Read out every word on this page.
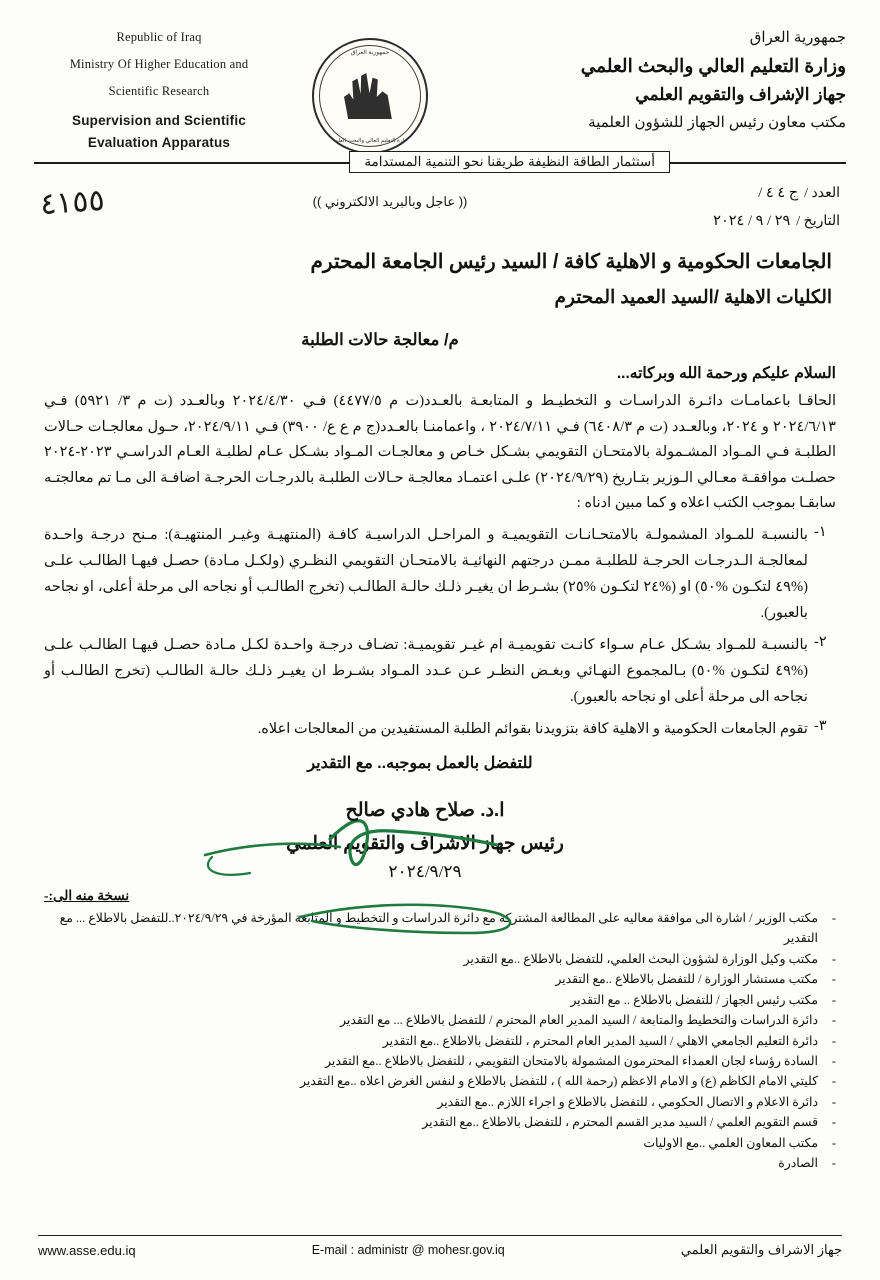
Republic of Iraq
Ministry Of Higher Education and
Scientific Research
Supervision and Scientific
Evaluation Apparatus
جمهورية العراق
وزارة التعليم العالي والبحث العلمي
جمهورية العراق
وزارة التعليم العالي والبحث العلمي
جهاز الإشراف والتقويم العلمي
مكتب معاون رئيس الجهاز للشؤون العلمية
أستثمار الطاقة النظيفة طريقنا نحو التنمية المستدامة
العدد /
ج ٤ ٤ /
التاريخ /
٢٩ / ٩ / ٢٠٢٤
(( عاجل وبالبريد الالكتروني ))
٤١٥٥
الجامعات الحكومية و الاهلية كافة / السيد رئيس الجامعة المحترم
الكليات الاهلية /السيد العميد المحترم
م/ معالجة حالات الطلبة
السلام عليكم ورحمة الله وبركاته...
الحاقـا باعمامـات دائـرة الدراسـات و التخطيـط و المتابعـة بالعـدد(ت م ٤٤٧٧/٥) فـي ٢٠٢٤/٤/٣٠ وبالعـدد (ت م ٣/ ٥٩٢١) فـي ٢٠٢٤/٦/١٣ و ٢٠٢٤، وبالعـدد (ت م ٦٤٠٨/٣) فـي ٢٠٢٤/٧/١١ ، واعمامنـا بالعـدد(ج م ع ع/ ٣٩٠٠) فـي ٢٠٢٤/٩/١١، حـول معالجـات حـالات الطلبـة فـي المـواد المشـمولة بالامتحـان التقويمي بشـكل خـاص و معالجـات المـواد بشـكل عـام لطلبـة العـام الدراسـي ٢٠٢٣-٢٠٢٤ حصلـت موافقـة معـالي الـوزير بتـاريخ (٢٠٢٤/٩/٢٩) علـى اعتمـاد معالجـة حـالات الطلبـة بالدرجـات الحرجـة اضافـة الى مـا تم معالجتـه سابقـا بموجب الكتب اعلاه و كما مبين ادناه :
١-
بالنسبـة للمـواد المشمولـة بالامتحـانـات التقويميـة و المراحـل الدراسيـة كافـة (المنتهيـة وغيـر المنتهيـة): مـنح درجـة واحـدة لمعالجـة الـدرجـات الحرجـة للطلبـة ممـن درجتهم النهائيـة بالامتحـان التقويمي النظـري (ولكـل مـادة) حصـل فيهـا الطالـب علـى (%٤٩ لتكـون %٥٠) او (%٢٤ لتكـون %٢٥) بشـرط ان يغيـر ذلـك حالـة الطالـب (تخرج الطالـب أو نجاحه الى مرحلة أعلى، او نجاحه بالعبور).
٢-
بالنسبـة للمـواد بشـكل عـام سـواء كانـت تقويميـة ام غيـر تقويميـة: تضـاف درجـة واحـدة لكـل مـادة حصـل فيهـا الطالـب علـى (%٤٩ لتكـون %٥٠) بـالمجموع النهـائي وبغـض النظـر عـن عـدد المـواد بشـرط ان يغيـر ذلـك حالـة الطالـب (تخرج الطالـب أو نجاحه الى مرحلة أعلى او نجاحه بالعبور).
٣-
تقوم الجامعات الحكومية و الاهلية كافة بتزويدنا بقوائم الطلبة المستفيدين من المعالجات اعلاه.
للتفضل بالعمل بموجبه.. مع التقدير
ا.د. صلاح هادي صالح
رئيس جهاز الاشراف والتقويم العلمي
٢٠٢٤/٩/٢٩
نسخة منه الى:-
-
مكتب الوزير / اشارة الى موافقة معاليه على المطالعة المشتركة مع دائرة الدراسات و التخطيط و المتابعة المؤرخة في ٢٠٢٤/٩/٢٩..للتفضل بالاطلاع ... مع التقدير
-
مكتب وكيل الوزارة لشؤون البحث العلمي، للتفضل بالاطلاع ..مع التقدير
-
مكتب مستشار الوزارة / للتفضل بالاطلاع ..مع التقدير
-
مكتب رئيس الجهاز / للتفضل بالاطلاع .. مع التقدير
-
دائرة الدراسات والتخطيط والمتابعة / السيد المدير العام المحترم / للتفضل بالاطلاع ... مع التقدير
-
دائرة التعليم الجامعي الاهلي / السيد المدير العام المحترم ، للتفضل بالاطلاع ..مع التقدير
-
السادة رؤساء لجان العمداء المحترمون المشمولة بالامتحان التقويمي ، للتفضل بالاطلاع ..مع التقدير
-
كليتي الامام الكاظم (ع) و الامام الاعظم (رحمة الله ) ، للتفضل بالاطلاع و لنفس الغرض اعلاه ..مع التقدير
-
دائرة الاعلام و الاتصال الحكومي ، للتفضل بالاطلاع و اجراء اللازم ..مع التقدير
-
قسم التقويم العلمي / السيد مدير القسم المحترم ، للتفضل بالاطلاع ..مع التقدير
-
مكتب المعاون العلمي ..مع الاوليات
-
الصادرة
جهاز الاشراف والتقويم العلمي
E-mail : administr @ mohesr.gov.iq
www.asse.edu.iq
